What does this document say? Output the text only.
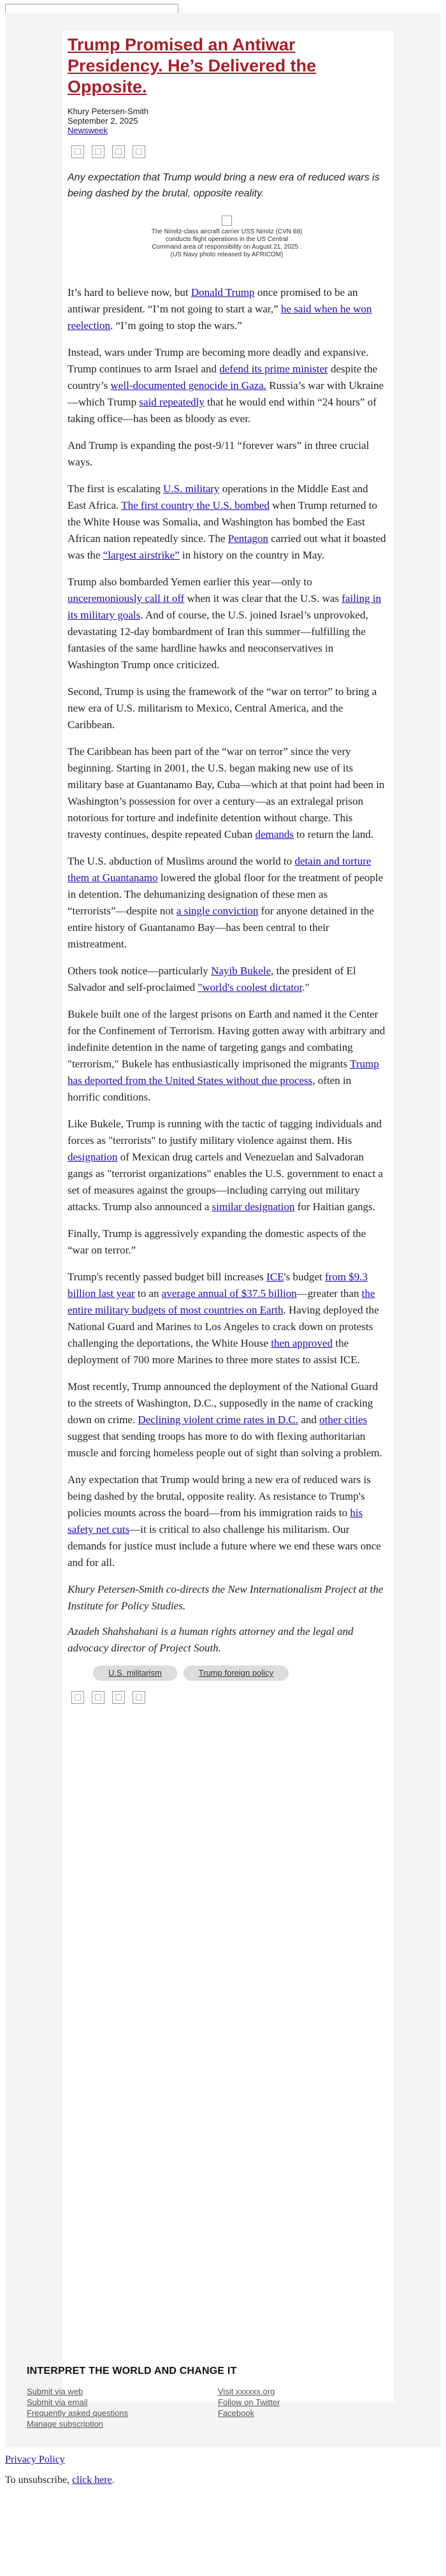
Trump Promised an Antiwar Presidency. He’s Delivered the Opposite.
Khury Petersen-Smith
September 2, 2025
Newsweek

Any expectation that Trump would bring a new era of reduced wars is being dashed by the brutal, opposite reality.

The Nimitz-class aircraft carrier USS Nimitz (CVN 68) conducts flight operations in the US Central Command area of responsibility on August 21, 2025 . (US Navy photo released by AFRICOM)

It’s hard to believe now, but Donald Trump once promised to be an antiwar president. “I’m not going to start a war,” he said when he won reelection. “I’m going to stop the wars.”

Instead, wars under Trump are becoming more deadly and expansive. Trump continues to arm Israel and defend its prime minister despite the country’s well-documented genocide in Gaza. Russia’s war with Ukraine—which Trump said repeatedly that he would end within “24 hours” of taking office—has been as bloody as ever.

And Trump is expanding the post-9/11 “forever wars” in three crucial ways.

The first is escalating U.S. military operations in the Middle East and East Africa. The first country the U.S. bombed when Trump returned to the White House was Somalia, and Washington has bombed the East African nation repeatedly since. The Pentagon carried out what it boasted was the “largest airstrike” in history on the country in May.

Trump also bombarded Yemen earlier this year—only to unceremoniously call it off when it was clear that the U.S. was failing in its military goals. And of course, the U.S. joined Israel’s unprovoked, devastating 12-day bombardment of Iran this summer—fulfilling the fantasies of the same hardline hawks and neoconservatives in Washington Trump once criticized.

Second, Trump is using the framework of the “war on terror” to bring a new era of U.S. militarism to Mexico, Central America, and the Caribbean.

The Caribbean has been part of the “war on terror” since the very beginning. Starting in 2001, the U.S. began making new use of its military base at Guantanamo Bay, Cuba—which at that point had been in Washington’s possession for over a century—as an extralegal prison notorious for torture and indefinite detention without charge. This travesty continues, despite repeated Cuban demands to return the land.

The U.S. abduction of Muslims around the world to detain and torture them at Guantanamo lowered the global floor for the treatment of people in detention. The dehumanizing designation of these men as “terrorists”—despite not a single conviction for anyone detained in the entire history of Guantanamo Bay—has been central to their mistreatment.

Others took notice—particularly Nayib Bukele, the president of El Salvador and self-proclaimed "world's coolest dictator."

Bukele built one of the largest prisons on Earth and named it the Center for the Confinement of Terrorism. Having gotten away with arbitrary and indefinite detention in the name of targeting gangs and combating "terrorism," Bukele has enthusiastically imprisoned the migrants Trump has deported from the United States without due process, often in horrific conditions.

Like Bukele, Trump is running with the tactic of tagging individuals and forces as "terrorists" to justify military violence against them. His designation of Mexican drug cartels and Venezuelan and Salvadoran gangs as "terrorist organizations" enables the U.S. government to enact a set of measures against the groups—including carrying out military attacks. Trump also announced a similar designation for Haitian gangs.

Finally, Trump is aggressively expanding the domestic aspects of the “war on terror.”

Trump's recently passed budget bill increases ICE's budget from $9.3 billion last year to an average annual of $37.5 billion—greater than the entire military budgets of most countries on Earth. Having deployed the National Guard and Marines to Los Angeles to crack down on protests challenging the deportations, the White House then approved the deployment of 700 more Marines to three more states to assist ICE.

Most recently, Trump announced the deployment of the National Guard to the streets of Washington, D.C., supposedly in the name of cracking down on crime. Declining violent crime rates in D.C. and other cities suggest that sending troops has more to do with flexing authoritarian muscle and forcing homeless people out of sight than solving a problem.

Any expectation that Trump would bring a new era of reduced wars is being dashed by the brutal, opposite reality. As resistance to Trump's policies mounts across the board—from his immigration raids to his safety net cuts—it is critical to also challenge his militarism. Our demands for justice must include a future where we end these wars once and for all.

Khury Petersen-Smith co-directs the New Internationalism Project at the Institute for Policy Studies.

Azadeh Shahshahani is a human rights attorney and the legal and advocacy director of Project South.

U.S. militarism	Trump foreign policy
INTERPRET THE WORLD AND CHANGE IT
Submit via web
Submit via email
Frequently asked questions
Manage subscription
Visit xxxxxx.org
Follow on Twitter
Facebook
Privacy Policy
To unsubscribe, click here.
